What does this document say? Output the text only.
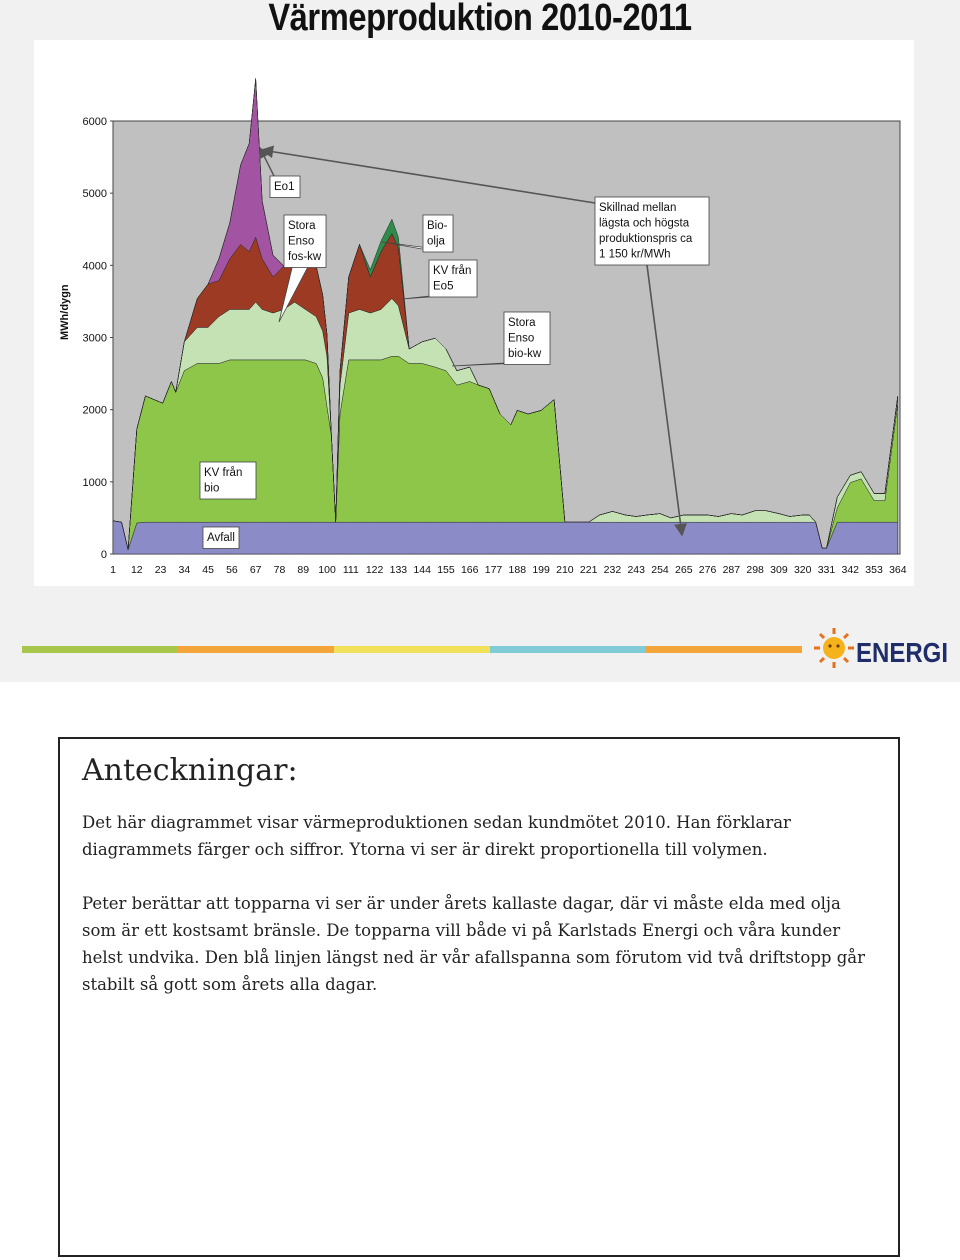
Värmeproduktion 2010-2011
0
1000
2000
3000
4000
5000
6000
1 12 23 34 45 56 67 78 89 100 111 122 133 144 155 166 177 188 199 210 221 232 243 254 265 276 287 298 309 320 331 342 353 364
Eo1
Stora
Enso
fos-kw
Bio-
olja
KV från
Eo5
Skillnad mellan
lägsta och högsta
produktionspris ca
1 150 kr/MWh
Stora
Enso
bio-kw
KV från
bio
Avfall
MWh/dygn
ENERGI
Anteckningar:

Det här diagrammet visar värmeproduktionen sedan kundmötet 2010. Han förklarar diagrammets färger och siffror. Ytorna vi ser är direkt proportionella till volymen.

Peter berättar att topparna vi ser är under årets kallaste dagar, där vi måste elda med olja som är ett kostsamt bränsle. De topparna vill både vi på Karlstads Energi och våra kunder helst undvika. Den blå linjen längst ned är vår afallspanna som förutom vid två driftstopp går stabilt så gott som årets alla dagar.
